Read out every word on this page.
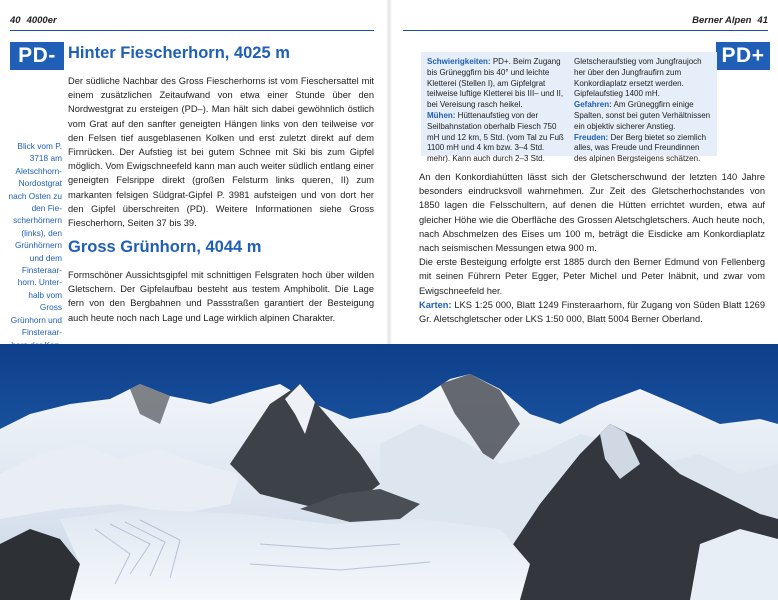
40 4000er
PD-
Blick vom P. 3718 am Aletschhorn-Nordostgrat nach Osten zu den Fie-scherhörnern (links), den Grünhörnern und dem Finsteraar-horn. Unter-halb vom Gross Grünhorn und Finsteraar-
Hinter Fiescherhorn, 4025 m
Der südliche Nachbar des Gross Fiescherhorns ist vom Fieschersattel mit einem zusätzlichen Zeitaufwand von etwa einer Stunde über den Nordwestgrat zu ersteigen (PD–). Man hält sich dabei gewöhnlich östlich vom Grat auf den sanfter geneigten Hängen links von den teilweise vor den Felsen tief ausgeblasenen Kolken und erst zuletzt direkt auf dem Firnrücken. Der Aufstieg ist bei gutem Schnee mit Ski bis zum Gipfel möglich. Vom Ewigschneefeld kann man auch weiter südlich entlang einer geneigten Felsrippe direkt (großen Felsturm links queren, II) zum markanten felsigen Südgrat-Gipfel P. 3981 aufsteigen und von dort her den Gipfel überschreiten (PD). Weitere Informationen siehe Gross Fiescherhorn, Seiten 37 bis 39.
Gross Grünhorn, 4044 m
Formschöner Aussichtsgipfel mit schnittigen Felsgraten hoch über wilden Gletschern. Der Gipfelaufbau besteht aus testem Amphibolit. Die Lage fern von den Bergbahnen und Passstraßen garantiert der Besteigung auch heute noch nach Lage und Lage wirklich alpinen Charakter.
Berner Alpen 41
PD+
Schwierigkeiten: PD+. Beim Zugang bis Grüneggfirn bis 40° und leichte Kletterei (Stellen I), am Gipfelgrat teilweise luftige Kletterei bis III– und II, bei Vereisung rasch heikel.
Mühen: Hüttenaufstieg von der Seilbahnstation oberhalb Fiesch 750 mH und 12 km, 5 Std. (vom Tal zu Fuß 1100 mH und 4 km bzw. 3–4 Std. mehr). Kann auch durch 2–3 Std.
Gletscheraufstieg vom Jungfraujoch her über den Jungfraufirn zum Konkordiaplatz ersetzt werden. Gipfelaufstieg 1400 mH.
Gefahren: Am Grüneggfirn einige Spalten, sonst bei guten Verhältnissen ein objektiv sicherer Anstieg.
Freuden: Der Berg bietet so ziemlich alles, was Freude und Freundinnen des alpinen Bergsteigens schätzen.

An den Konkordiahütten lässt sich der Gletscherschwund der letzten 140 Jahre besonders eindrucksvoll wahrnehmen. Zur Zeit des Gletscherhochstandes von 1850 lagen die Felsschultern, auf denen die Hütten errichtet wurden, etwa auf gleicher Höhe wie die Oberfläche des Grossen Aletschgletschers. Auch heute noch, nach Abschmelzen des Eises um 100 m, beträgt die Eisdicke am Konkordiaplatz nach seismischen Messungen etwa 900 m.

Die erste Besteigung erfolgte erst 1885 durch den Berner Edmund von Fellenberg mit seinen Führern Peter Egger, Peter Michel und Peter Inäbnit, und zwar vom Ewigschneefeld her.

Karten: LKS 1:25 000, Blatt 1249 Finsteraarhorn, für Zugang von Süden Blatt 1269 Gr. Aletschgletscher oder LKS 1:50 000, Blatt 5004 Berner Oberland.
